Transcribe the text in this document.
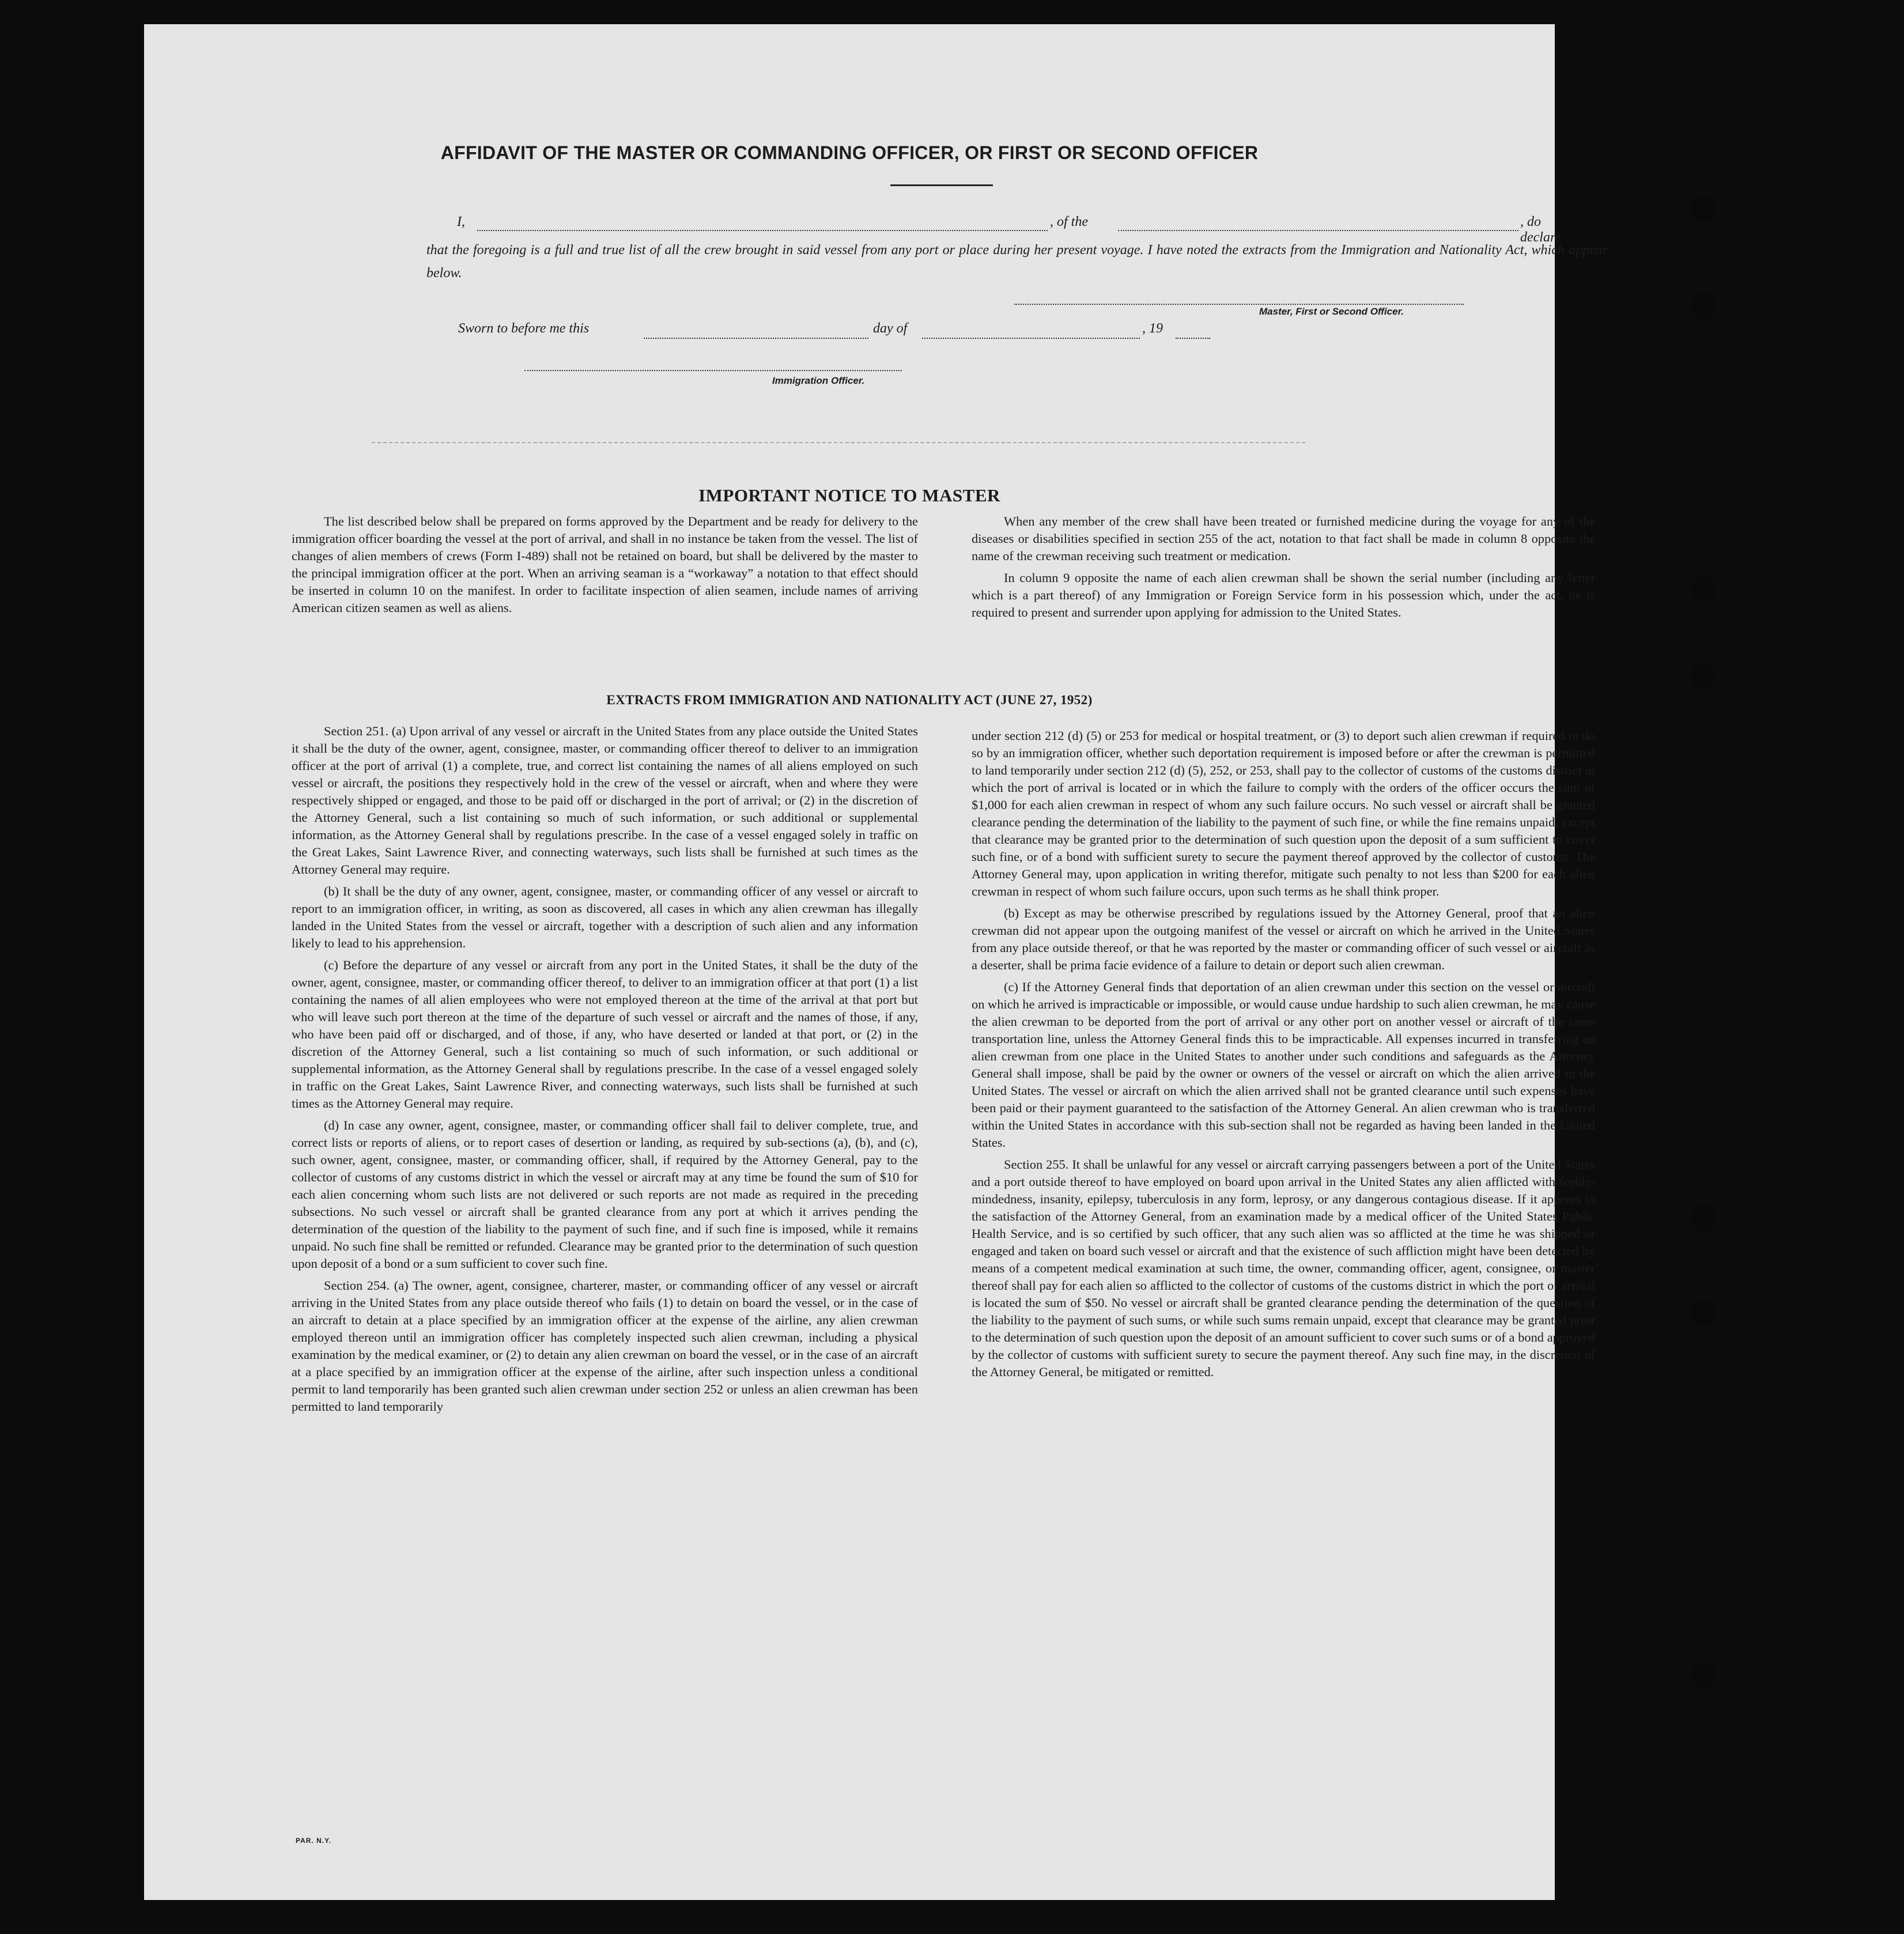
AFFIDAVIT OF THE MASTER OR COMMANDING OFFICER, OR FIRST OR SECOND OFFICER
I,	, of the	, do declare
that the foregoing is a full and true list of all the crew brought in said vessel from any port or place during her present voyage. I have noted the extracts from the Immigration and Nationality Act, which appear below.
Master, First or Second Officer.
Sworn to before me this	day of	, 19
Immigration Officer.
IMPORTANT NOTICE TO MASTER

The list described below shall be prepared on forms approved by the Department and be ready for delivery to the immigration officer boarding the vessel at the port of arrival, and shall in no instance be taken from the vessel. The list of changes of alien members of crews (Form I-489) shall not be retained on board, but shall be delivered by the master to the principal immigration officer at the port. When an arriving seaman is a “workaway” a notation to that effect should be inserted in column 10 on the manifest. In order to facilitate inspection of alien seamen, include names of arriving American citizen seamen as well as aliens.

When any member of the crew shall have been treated or furnished medicine during the voyage for any of the diseases or disabilities specified in section 255 of the act, notation to that fact shall be made in column 8 opposite the name of the crewman receiving such treatment or medication.

In column 9 opposite the name of each alien crewman shall be shown the serial number (including any letter which is a part thereof) of any Immigration or Foreign Service form in his possession which, under the act, he is required to present and surrender upon applying for admission to the United States.

EXTRACTS FROM IMMIGRATION AND NATIONALITY ACT (JUNE 27, 1952)

Section 251. (a) Upon arrival of any vessel or aircraft in the United States from any place outside the United States it shall be the duty of the owner, agent, consignee, master, or commanding officer thereof to deliver to an immigration officer at the port of arrival (1) a complete, true, and correct list containing the names of all aliens employed on such vessel or aircraft, the positions they respectively hold in the crew of the vessel or aircraft, when and where they were respectively shipped or engaged, and those to be paid off or discharged in the port of arrival; or (2) in the discretion of the Attorney General, such a list containing so much of such information, or such additional or supplemental information, as the Attorney General shall by regulations prescribe. In the case of a vessel engaged solely in traffic on the Great Lakes, Saint Lawrence River, and connecting waterways, such lists shall be furnished at such times as the Attorney General may require.

(b) It shall be the duty of any owner, agent, consignee, master, or commanding officer of any vessel or aircraft to report to an immigration officer, in writing, as soon as discovered, all cases in which any alien crewman has illegally landed in the United States from the vessel or aircraft, together with a description of such alien and any information likely to lead to his apprehension.

(c) Before the departure of any vessel or aircraft from any port in the United States, it shall be the duty of the owner, agent, consignee, master, or commanding officer thereof, to deliver to an immigration officer at that port (1) a list containing the names of all alien employees who were not employed thereon at the time of the arrival at that port but who will leave such port thereon at the time of the departure of such vessel or aircraft and the names of those, if any, who have been paid off or discharged, and of those, if any, who have deserted or landed at that port, or (2) in the discretion of the Attorney General, such a list containing so much of such information, or such additional or supplemental information, as the Attorney General shall by regulations prescribe. In the case of a vessel engaged solely in traffic on the Great Lakes, Saint Lawrence River, and connecting waterways, such lists shall be furnished at such times as the Attorney General may require.

(d) In case any owner, agent, consignee, master, or commanding officer shall fail to deliver complete, true, and correct lists or reports of aliens, or to report cases of desertion or landing, as required by sub-sections (a), (b), and (c), such owner, agent, consignee, master, or commanding officer, shall, if required by the Attorney General, pay to the collector of customs of any customs district in which the vessel or aircraft may at any time be found the sum of $10 for each alien concerning whom such lists are not delivered or such reports are not made as required in the preceding subsections. No such vessel or aircraft shall be granted clearance from any port at which it arrives pending the determination of the question of the liability to the payment of such fine, and if such fine is imposed, while it remains unpaid. No such fine shall be remitted or refunded. Clearance may be granted prior to the determination of such question upon deposit of a bond or a sum sufficient to cover such fine.

Section 254. (a) The owner, agent, consignee, charterer, master, or commanding officer of any vessel or aircraft arriving in the United States from any place outside thereof who fails (1) to detain on board the vessel, or in the case of an aircraft to detain at a place specified by an immigration officer at the expense of the airline, any alien crewman employed thereon until an immigration officer has completely inspected such alien crewman, including a physical examination by the medical examiner, or (2) to detain any alien crewman on board the vessel, or in the case of an aircraft at a place specified by an immigration officer at the expense of the airline, after such inspection unless a conditional permit to land temporarily has been granted such alien crewman under section 252 or unless an alien crewman has been permitted to land temporarily

under section 212 (d) (5) or 253 for medical or hospital treatment, or (3) to deport such alien crewman if required to do so by an immigration officer, whether such deportation requirement is imposed before or after the crewman is permitted to land temporarily under section 212 (d) (5), 252, or 253, shall pay to the collector of customs of the customs district in which the port of arrival is located or in which the failure to comply with the orders of the officer occurs the sum of $1,000 for each alien crewman in respect of whom any such failure occurs. No such vessel or aircraft shall be granted clearance pending the determination of the liability to the payment of such fine, or while the fine remains unpaid, except that clearance may be granted prior to the determination of such question upon the deposit of a sum sufficient to cover such fine, or of a bond with sufficient surety to secure the payment thereof approved by the collector of customs. The Attorney General may, upon application in writing therefor, mitigate such penalty to not less than $200 for each alien crewman in respect of whom such failure occurs, upon such terms as he shall think proper.

(b) Except as may be otherwise prescribed by regulations issued by the Attorney General, proof that an alien crewman did not appear upon the outgoing manifest of the vessel or aircraft on which he arrived in the United States from any place outside thereof, or that he was reported by the master or commanding officer of such vessel or aircraft as a deserter, shall be prima facie evidence of a failure to detain or deport such alien crewman.

(c) If the Attorney General finds that deportation of an alien crewman under this section on the vessel or aircraft on which he arrived is impracticable or impossible, or would cause undue hardship to such alien crewman, he may cause the alien crewman to be deported from the port of arrival or any other port on another vessel or aircraft of the same transportation line, unless the Attorney General finds this to be impracticable. All expenses incurred in transferring an alien crewman from one place in the United States to another under such conditions and safeguards as the Attorney General shall impose, shall be paid by the owner or owners of the vessel or aircraft on which the alien arrived in the United States. The vessel or aircraft on which the alien arrived shall not be granted clearance until such expenses have been paid or their payment guaranteed to the satisfaction of the Attorney General. An alien crewman who is transferred within the United States in accordance with this sub-section shall not be regarded as having been landed in the United States.

Section 255. It shall be unlawful for any vessel or aircraft carrying passengers between a port of the United States and a port outside thereof to have employed on board upon arrival in the United States any alien afflicted with feeble-mindedness, insanity, epilepsy, tuberculosis in any form, leprosy, or any dangerous contagious disease. If it appears to the satisfaction of the Attorney General, from an examination made by a medical officer of the United States Public Health Service, and is so certified by such officer, that any such alien was so afflicted at the time he was shipped or engaged and taken on board such vessel or aircraft and that the existence of such affliction might have been detected by means of a competent medical examination at such time, the owner, commanding officer, agent, consignee, or master thereof shall pay for each alien so afflicted to the collector of customs of the customs district in which the port of arrival is located the sum of $50. No vessel or aircraft shall be granted clearance pending the determination of the question of the liability to the payment of such sums, or while such sums remain unpaid, except that clearance may be granted prior to the determination of such question upon the deposit of an amount sufficient to cover such sums or of a bond approved by the collector of customs with sufficient surety to secure the payment thereof. Any such fine may, in the discretion of the Attorney General, be mitigated or remitted.

PAR. N.Y.
